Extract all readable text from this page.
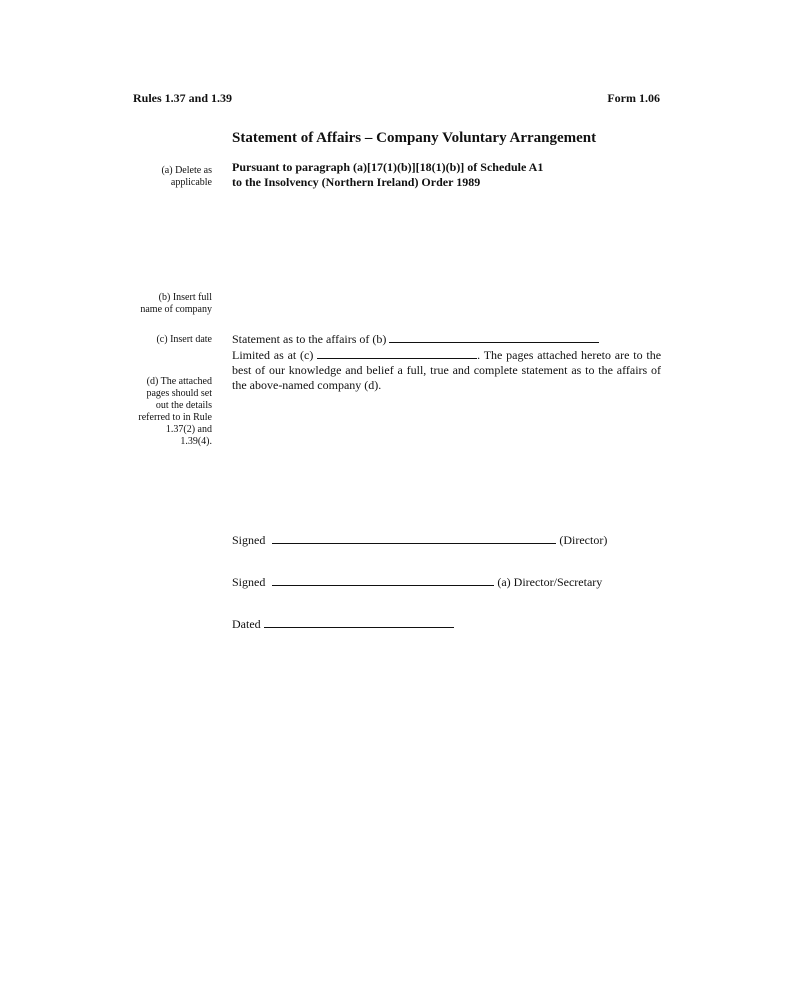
Rules 1.37 and 1.39	Form 1.06
Statement of Affairs – Company Voluntary Arrangement
Pursuant to paragraph (a)[17(1)(b)][18(1)(b)] of Schedule A1
to the Insolvency (Northern Ireland) Order 1989
(a) Delete as
applicable
(b) Insert full
name of company
(c) Insert date
(d) The attached
pages should set
out the details
referred to in Rule
1.37(2) and
1.39(4).
Statement as to the affairs of (b)
Limited as at (c)	. The pages attached hereto are to the best of our knowledge and belief a full, true and complete statement as to the affairs of the above-named company (d).
Signed	(Director)
Signed	(a) Director/Secretary
Dated
